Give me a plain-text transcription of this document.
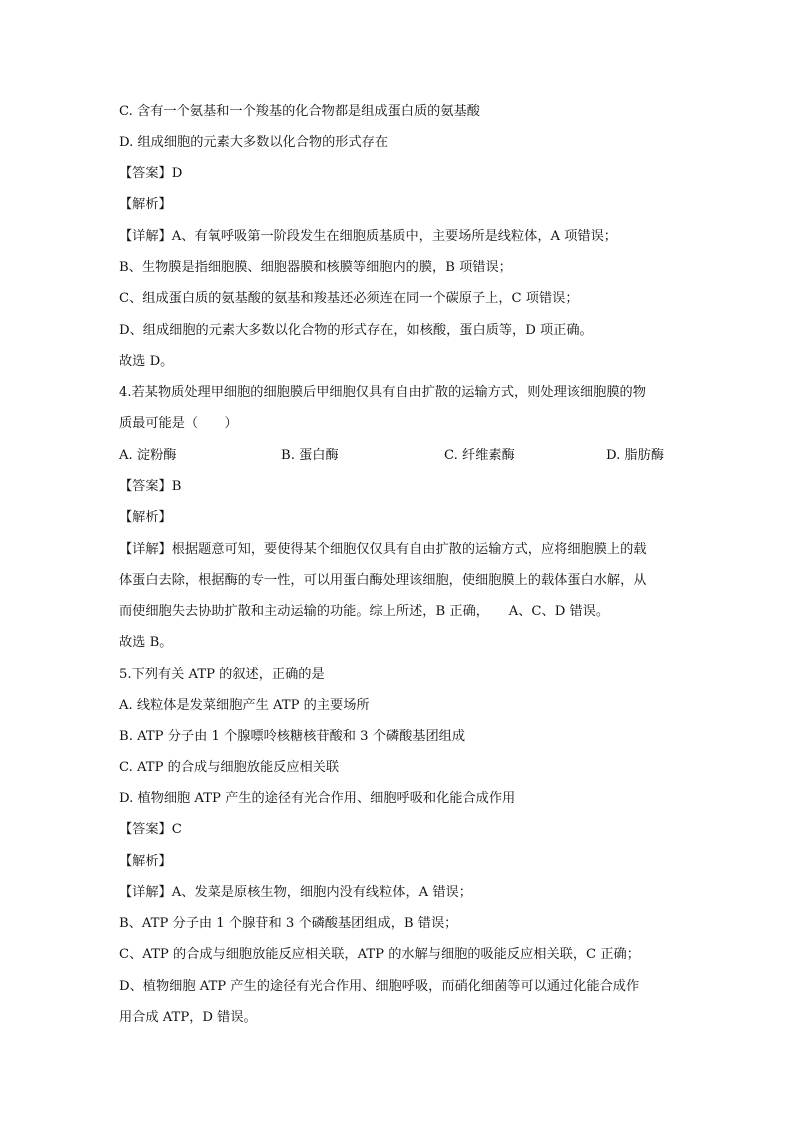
C. 含有一个氨基和一个羧基的化合物都是组成蛋白质的氨基酸
D. 组成细胞的元素大多数以化合物的形式存在
【答案】D
【解析】
【详解】A、有氧呼吸第一阶段发生在细胞质基质中，主要场所是线粒体，A 项错误；
B、生物膜是指细胞膜、细胞器膜和核膜等细胞内的膜，B 项错误；
C、组成蛋白质的氨基酸的氨基和羧基还必须连在同一个碳原子上，C 项错误；
D、组成细胞的元素大多数以化合物的形式存在，如核酸，蛋白质等，D 项正确。
故选 D。
4.若某物质处理甲细胞的细胞膜后甲细胞仅具有自由扩散的运输方式，则处理该细胞膜的物
质最可能是（　　）
A. 淀粉酶	B. 蛋白酶	C. 纤维素酶	D. 脂肪酶
【答案】B
【解析】
【详解】根据题意可知，要使得某个细胞仅仅具有自由扩散的运输方式，应将细胞膜上的载
体蛋白去除，根据酶的专一性，可以用蛋白酶处理该细胞，使细胞膜上的载体蛋白水解，从
而使细胞失去协助扩散和主动运输的功能。综上所述，B 正确，　　A、C、D 错误。
故选 B。
5.下列有关 ATP 的叙述，正确的是
A. 线粒体是发菜细胞产生 ATP 的主要场所
B. ATP 分子由 1 个腺嘌呤核糖核苷酸和 3 个磷酸基团组成
C. ATP 的合成与细胞放能反应相关联
D. 植物细胞 ATP 产生的途径有光合作用、细胞呼吸和化能合成作用
【答案】C
【解析】
【详解】A、发菜是原核生物，细胞内没有线粒体，A 错误；
B、ATP 分子由 1 个腺苷和 3 个磷酸基团组成，B 错误；
C、ATP 的合成与细胞放能反应相关联，ATP 的水解与细胞的吸能反应相关联，C 正确；
D、植物细胞 ATP 产生的途径有光合作用、细胞呼吸，而硝化细菌等可以通过化能合成作
用合成 ATP，D 错误。
